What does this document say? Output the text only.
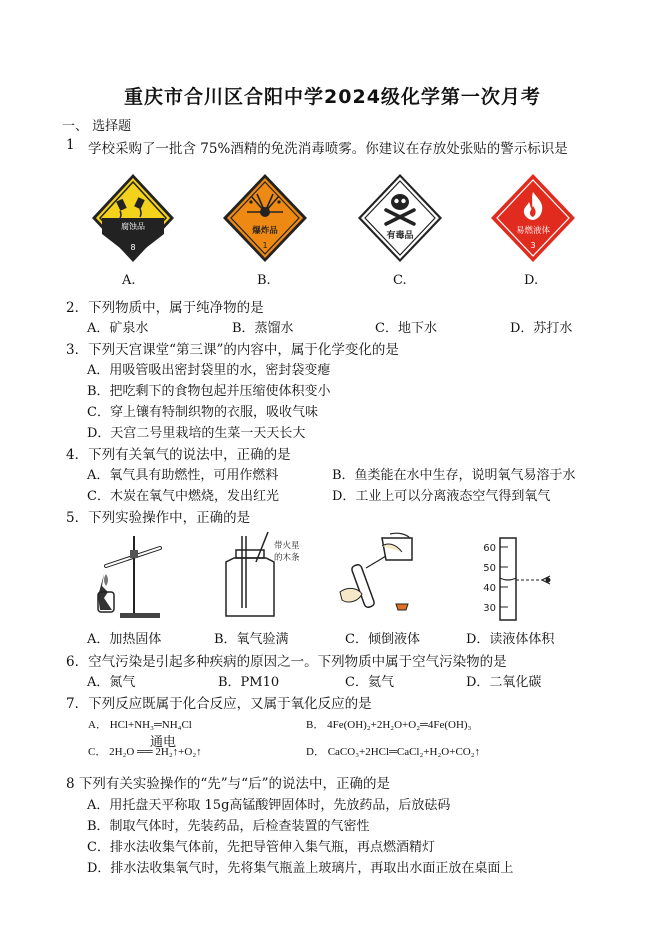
重庆市合川区合阳中学2024级化学第一次月考
一、 选择题
1 学校采购了一批含 75%酒精的免洗消毒喷雾。你建议在存放处张贴的警示标识是
腐蚀品
8
爆炸品
1
有毒品	易燃液体
3
A.	B.	C.	D.
2．下列物质中，属于纯净物的是
A．矿泉水	B．蒸馏水	C．地下水	D．苏打水
3．下列天宫课堂“第三课”的内容中，属于化学变化的是
A．用吸管吸出密封袋里的水，密封袋变瘪
B．把吃剩下的食物包起并压缩使体积变小
C．穿上镶有特制织物的衣服，吸收气味
D．天宫二号里栽培的生菜一天天长大
4．下列有关氧气的说法中，正确的是
A．氧气具有助燃性，可用作燃料	B．鱼类能在水中生存，说明氧气易溶于水
C．木炭在氧气中燃烧，发出红光	D．工业上可以分离液态空气得到氧气
5．下列实验操作中，正确的是
带火星
的木条
60
50
40
30
A．加热固体	B．氧气验满	C．倾倒液体	D．读液体体积
6．空气污染是引起多种疾病的原因之一。下列物质中属于空气污染物的是
A．氮气	B．PM10	C．氦气	D．二氧化碳
7．下列反应既属于化合反应，又属于氧化反应的是
A． HCl+NH₃═NH₄Cl	B． 4Fe(OH)₂+2H₂O+O₂═4Fe(OH)₃
通电
C． 2H₂O ══ 2H₂↑+O₂↑	D． CaCO₃+2HCl═CaCl₂+H₂O+CO₂↑
8 下列有关实验操作的“先”与“后”的说法中，正确的是
A．用托盘天平称取 15g高锰酸钾固体时，先放药品，后放砝码
B．制取气体时，先装药品，后检查装置的气密性
C．排水法收集气体前，先把导管伸入集气瓶，再点燃酒精灯
D．排水法收集氧气时，先将集气瓶盖上玻璃片，再取出水面正放在桌面上
